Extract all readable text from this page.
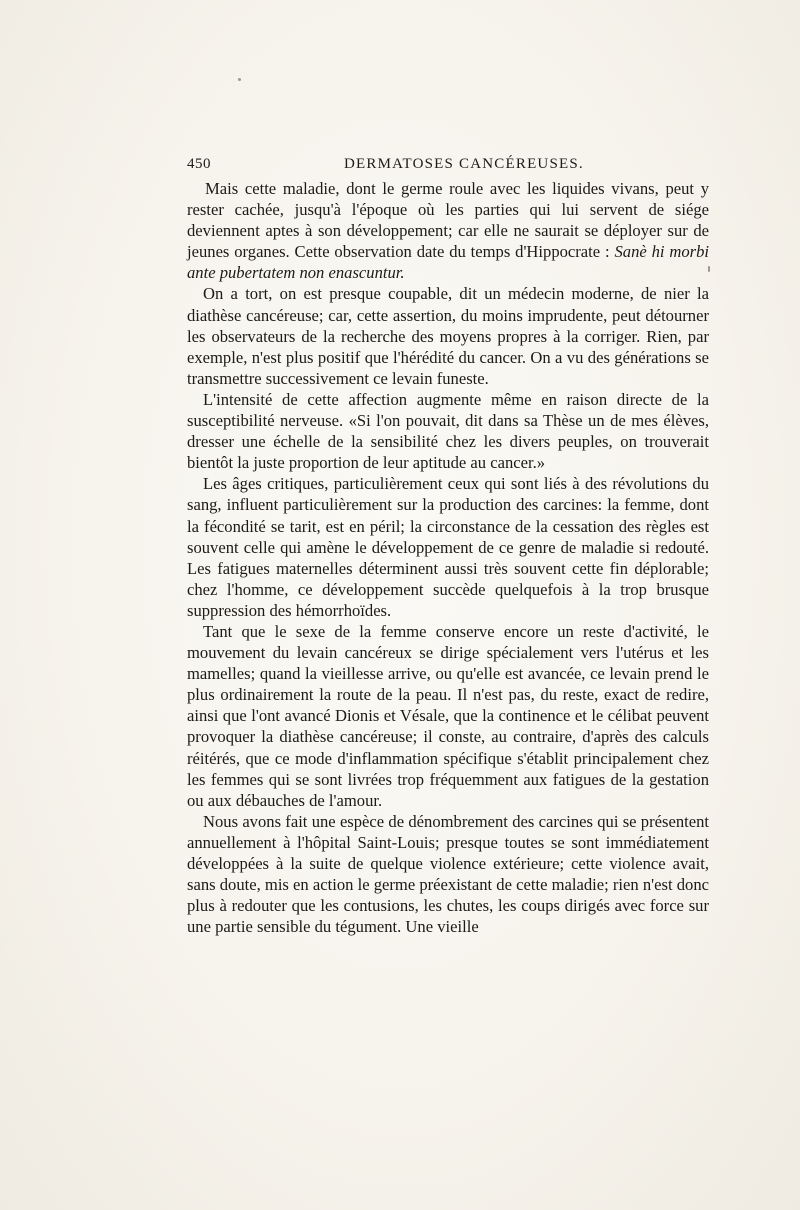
450	DERMATOSES CANCÉREUSES.

Mais cette maladie, dont le germe roule avec les liquides vivans, peut y rester cachée, jusqu'à l'époque où les parties qui lui servent de siége deviennent aptes à son développement; car elle ne saurait se déployer sur de jeunes organes. Cette observation date du temps d'Hippocrate : Sanè hi morbi ante pubertatem non enascuntur.

On a tort, on est presque coupable, dit un médecin moderne, de nier la diathèse cancéreuse; car, cette assertion, du moins imprudente, peut détourner les observateurs de la recherche des moyens propres à la corriger. Rien, par exemple, n'est plus positif que l'hérédité du cancer. On a vu des générations se transmettre successivement ce levain funeste.

L'intensité de cette affection augmente même en raison directe de la susceptibilité nerveuse. «Si l'on pouvait, dit dans sa Thèse un de mes élèves, dresser une échelle de la sensibilité chez les divers peuples, on trouverait bientôt la juste proportion de leur aptitude au cancer.»

Les âges critiques, particulièrement ceux qui sont liés à des révolutions du sang, influent particulièrement sur la production des carcines: la femme, dont la fécondité se tarit, est en péril; la circonstance de la cessation des règles est souvent celle qui amène le développement de ce genre de maladie si redouté. Les fatigues maternelles déterminent aussi très souvent cette fin déplorable; chez l'homme, ce développement succède quelquefois à la trop brusque suppression des hémorrhoïdes.

Tant que le sexe de la femme conserve encore un reste d'activité, le mouvement du levain cancéreux se dirige spécialement vers l'utérus et les mamelles; quand la vieillesse arrive, ou qu'elle est avancée, ce levain prend le plus ordinairement la route de la peau. Il n'est pas, du reste, exact de redire, ainsi que l'ont avancé Dionis et Vésale, que la continence et le célibat peuvent provoquer la diathèse cancéreuse; il conste, au contraire, d'après des calculs réitérés, que ce mode d'inflammation spécifique s'établit principalement chez les femmes qui se sont livrées trop fréquemment aux fatigues de la gestation ou aux débauches de l'amour.

Nous avons fait une espèce de dénombrement des carcines qui se présentent annuellement à l'hôpital Saint-Louis; presque toutes se sont immédiatement développées à la suite de quelque violence extérieure; cette violence avait, sans doute, mis en action le germe préexistant de cette maladie; rien n'est donc plus à redouter que les contusions, les chutes, les coups dirigés avec force sur une partie sensible du tégument. Une vieille
